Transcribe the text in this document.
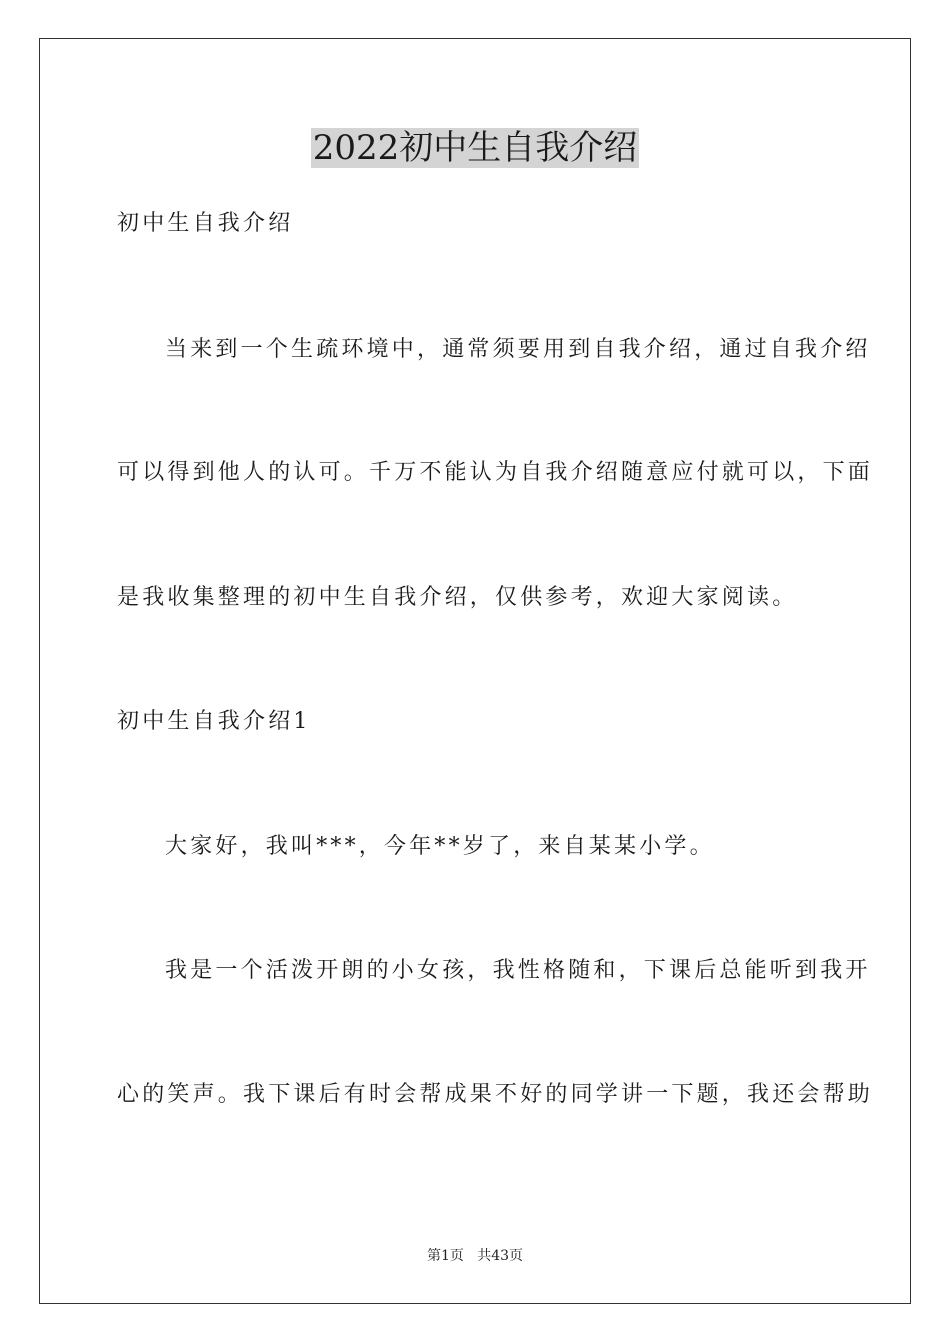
2022初中生自我介绍

初中生自我介绍

当来到一个生疏环境中，通常须要用到自我介绍，通过自我介绍

可以得到他人的认可。千万不能认为自我介绍随意应付就可以，下面

是我收集整理的初中生自我介绍，仅供参考，欢迎大家阅读。

初中生自我介绍1

大家好，我叫***，今年**岁了，来自某某小学。

我是一个活泼开朗的小女孩，我性格随和，下课后总能听到我开

心的笑声。我下课后有时会帮成果不好的同学讲一下题，我还会帮助

第1页   共43页
